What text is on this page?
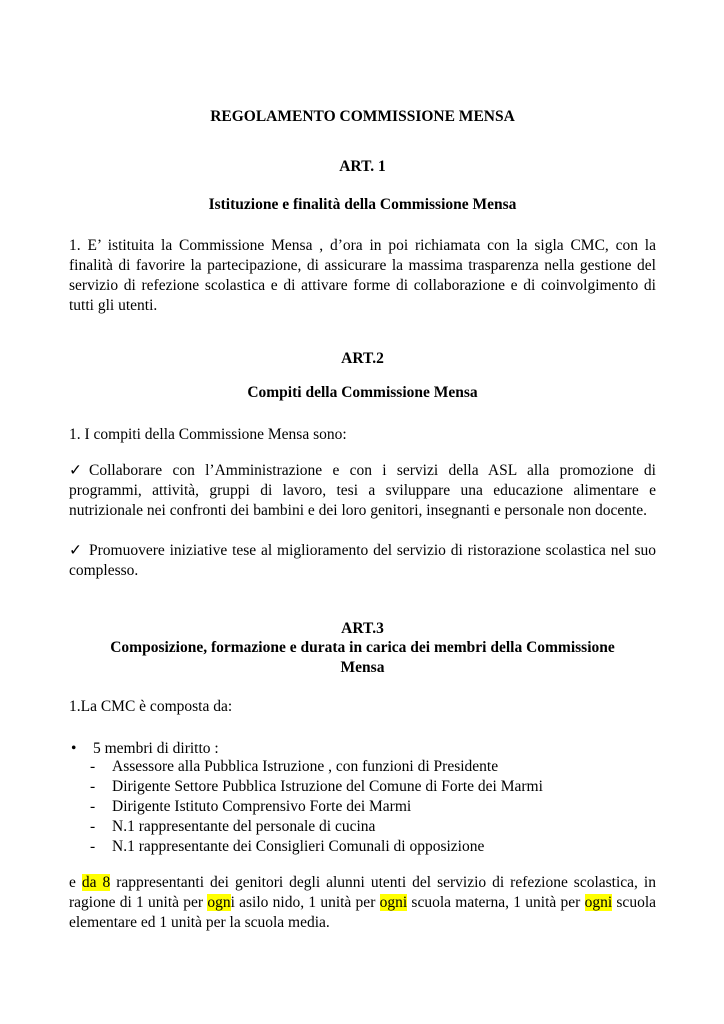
REGOLAMENTO COMMISSIONE MENSA

ART. 1

Istituzione e finalità della Commissione Mensa

1. E’ istituita la Commissione Mensa , d’ora in poi richiamata con la sigla CMC, con la finalità di favorire la partecipazione, di assicurare la massima trasparenza nella gestione del servizio di refezione scolastica e di attivare forme di collaborazione e di coinvolgimento di tutti gli utenti.

ART.2

Compiti della Commissione Mensa

1. I compiti della Commissione Mensa sono:

✓ Collaborare con l’Amministrazione e con i servizi della ASL alla promozione di programmi, attività, gruppi di lavoro, tesi a sviluppare una educazione alimentare e nutrizionale nei confronti dei bambini e dei loro genitori, insegnanti e personale non docente.

✓ Promuovere iniziative tese al miglioramento del servizio di ristorazione scolastica nel suo complesso.

ART.3

Composizione, formazione e durata in carica dei membri della Commissione
Mensa

1.La CMC è composta da:

• 5 membri di diritto :
-	Assessore alla Pubblica Istruzione , con funzioni di Presidente
-	Dirigente Settore Pubblica Istruzione del Comune di Forte dei Marmi
-	Dirigente Istituto Comprensivo Forte dei Marmi
-	N.1 rappresentante del personale di cucina
-	N.1 rappresentante dei Consiglieri Comunali di opposizione

e da 8 rappresentanti dei genitori degli alunni utenti del servizio di refezione scolastica, in ragione di 1 unità per ogni asilo nido, 1 unità per ogni scuola materna, 1 unità per ogni scuola elementare ed 1 unità per la scuola media.
